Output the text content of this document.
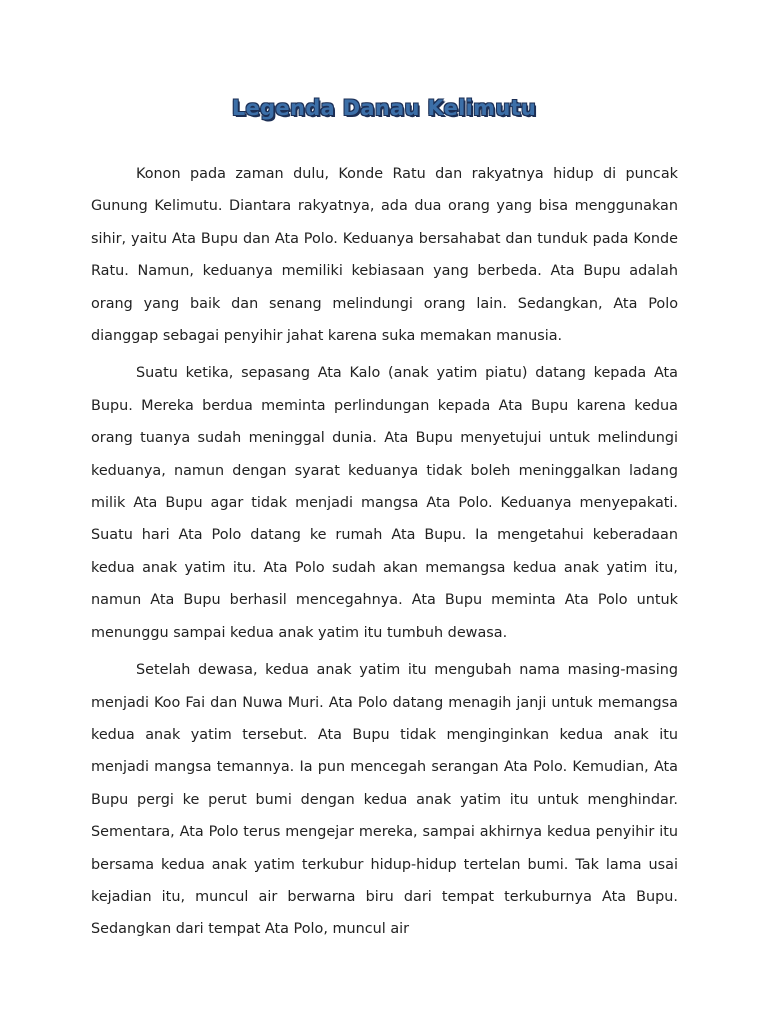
Legenda Danau Kelimutu

Konon pada zaman dulu, Konde Ratu dan rakyatnya hidup di puncak Gunung Kelimutu. Diantara rakyatnya, ada dua orang yang bisa menggunakan sihir, yaitu Ata Bupu dan Ata Polo. Keduanya bersahabat dan tunduk pada Konde Ratu. Namun, keduanya memiliki kebiasaan yang berbeda. Ata Bupu adalah orang yang baik dan senang melindungi orang lain. Sedangkan, Ata Polo dianggap sebagai penyihir jahat karena suka memakan manusia.

Suatu ketika, sepasang Ata Kalo (anak yatim piatu) datang kepada Ata Bupu. Mereka berdua meminta perlindungan kepada Ata Bupu karena kedua orang tuanya sudah meninggal dunia. Ata Bupu menyetujui untuk melindungi keduanya, namun dengan syarat keduanya tidak boleh meninggalkan ladang milik Ata Bupu agar tidak menjadi mangsa Ata Polo. Keduanya menyepakati. Suatu hari Ata Polo datang ke rumah Ata Bupu. Ia mengetahui keberadaan kedua anak yatim itu. Ata Polo sudah akan memangsa kedua anak yatim itu, namun Ata Bupu berhasil mencegahnya. Ata Bupu meminta Ata Polo untuk menunggu sampai kedua anak yatim itu tumbuh dewasa.

Setelah dewasa, kedua anak yatim itu mengubah nama masing-masing menjadi Koo Fai dan Nuwa Muri. Ata Polo datang menagih janji untuk memangsa kedua anak yatim tersebut. Ata Bupu tidak menginginkan kedua anak itu menjadi mangsa temannya. Ia pun mencegah serangan Ata Polo. Kemudian, Ata Bupu pergi ke perut bumi dengan kedua anak yatim itu untuk menghindar. Sementara, Ata Polo terus mengejar mereka, sampai akhirnya kedua penyihir itu bersama kedua anak yatim terkubur hidup-hidup tertelan bumi. Tak lama usai kejadian itu, muncul air berwarna biru dari tempat terkuburnya Ata Bupu. Sedangkan dari tempat Ata Polo, muncul air
